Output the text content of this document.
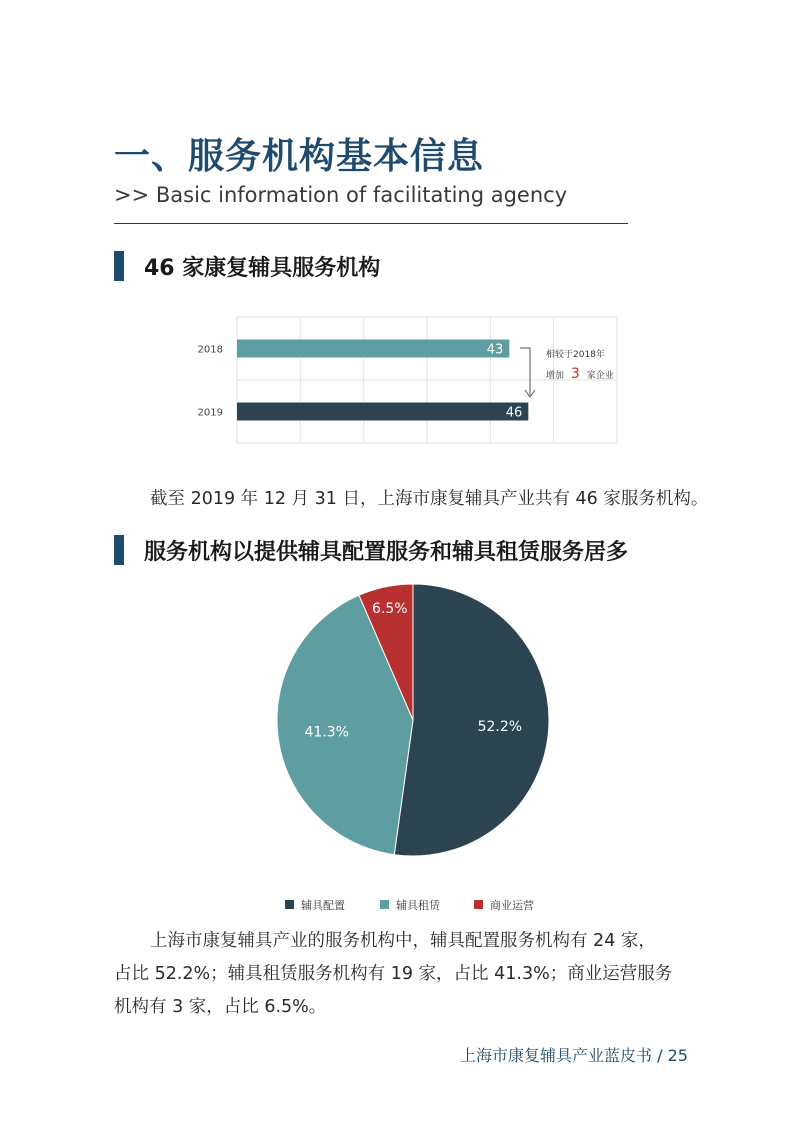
一、服务机构基本信息
>> Basic information of facilitating agency
46 家康复辅具服务机构
2018	43
2019	46
相较于2018年
增加 3 家企业
截至 2019 年 12 月 31 日，上海市康复辅具产业共有 46 家服务机构。
服务机构以提供辅具配置服务和辅具租赁服务居多
52.2%
41.3%
6.5%
辅具配置	辅具租赁	商业运营
上海市康复辅具产业的服务机构中，辅具配置服务机构有 24 家，
占比 52.2%；辅具租赁服务机构有 19 家，占比 41.3%；商业运营服务
机构有 3 家，占比 6.5%。
上海市康复辅具产业蓝皮书 / 25
